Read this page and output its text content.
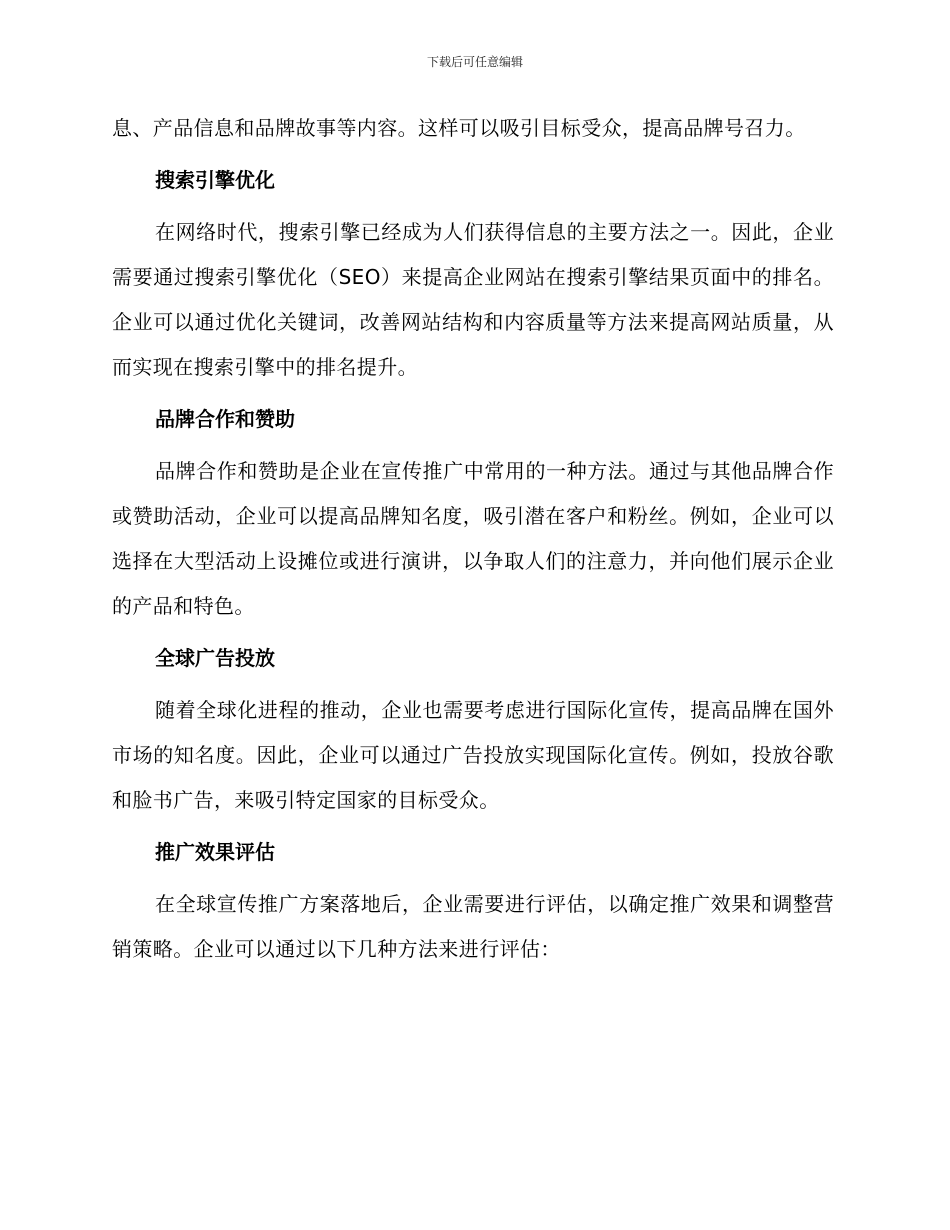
下载后可任意编辑

息、产品信息和品牌故事等内容。这样可以吸引目标受众，提高品牌号召力。

搜索引擎优化

在网络时代，搜索引擎已经成为人们获得信息的主要方法之一。因此，企业需要通过搜索引擎优化（SEO）来提高企业网站在搜索引擎结果页面中的排名。企业可以通过优化关键词，改善网站结构和内容质量等方法来提高网站质量，从而实现在搜索引擎中的排名提升。

品牌合作和赞助

品牌合作和赞助是企业在宣传推广中常用的一种方法。通过与其他品牌合作或赞助活动，企业可以提高品牌知名度，吸引潜在客户和粉丝。例如，企业可以选择在大型活动上设摊位或进行演讲，以争取人们的注意力，并向他们展示企业的产品和特色。

全球广告投放

随着全球化进程的推动，企业也需要考虑进行国际化宣传，提高品牌在国外市场的知名度。因此，企业可以通过广告投放实现国际化宣传。例如，投放谷歌和脸书广告，来吸引特定国家的目标受众。

推广效果评估

在全球宣传推广方案落地后，企业需要进行评估，以确定推广效果和调整营销策略。企业可以通过以下几种方法来进行评估：
